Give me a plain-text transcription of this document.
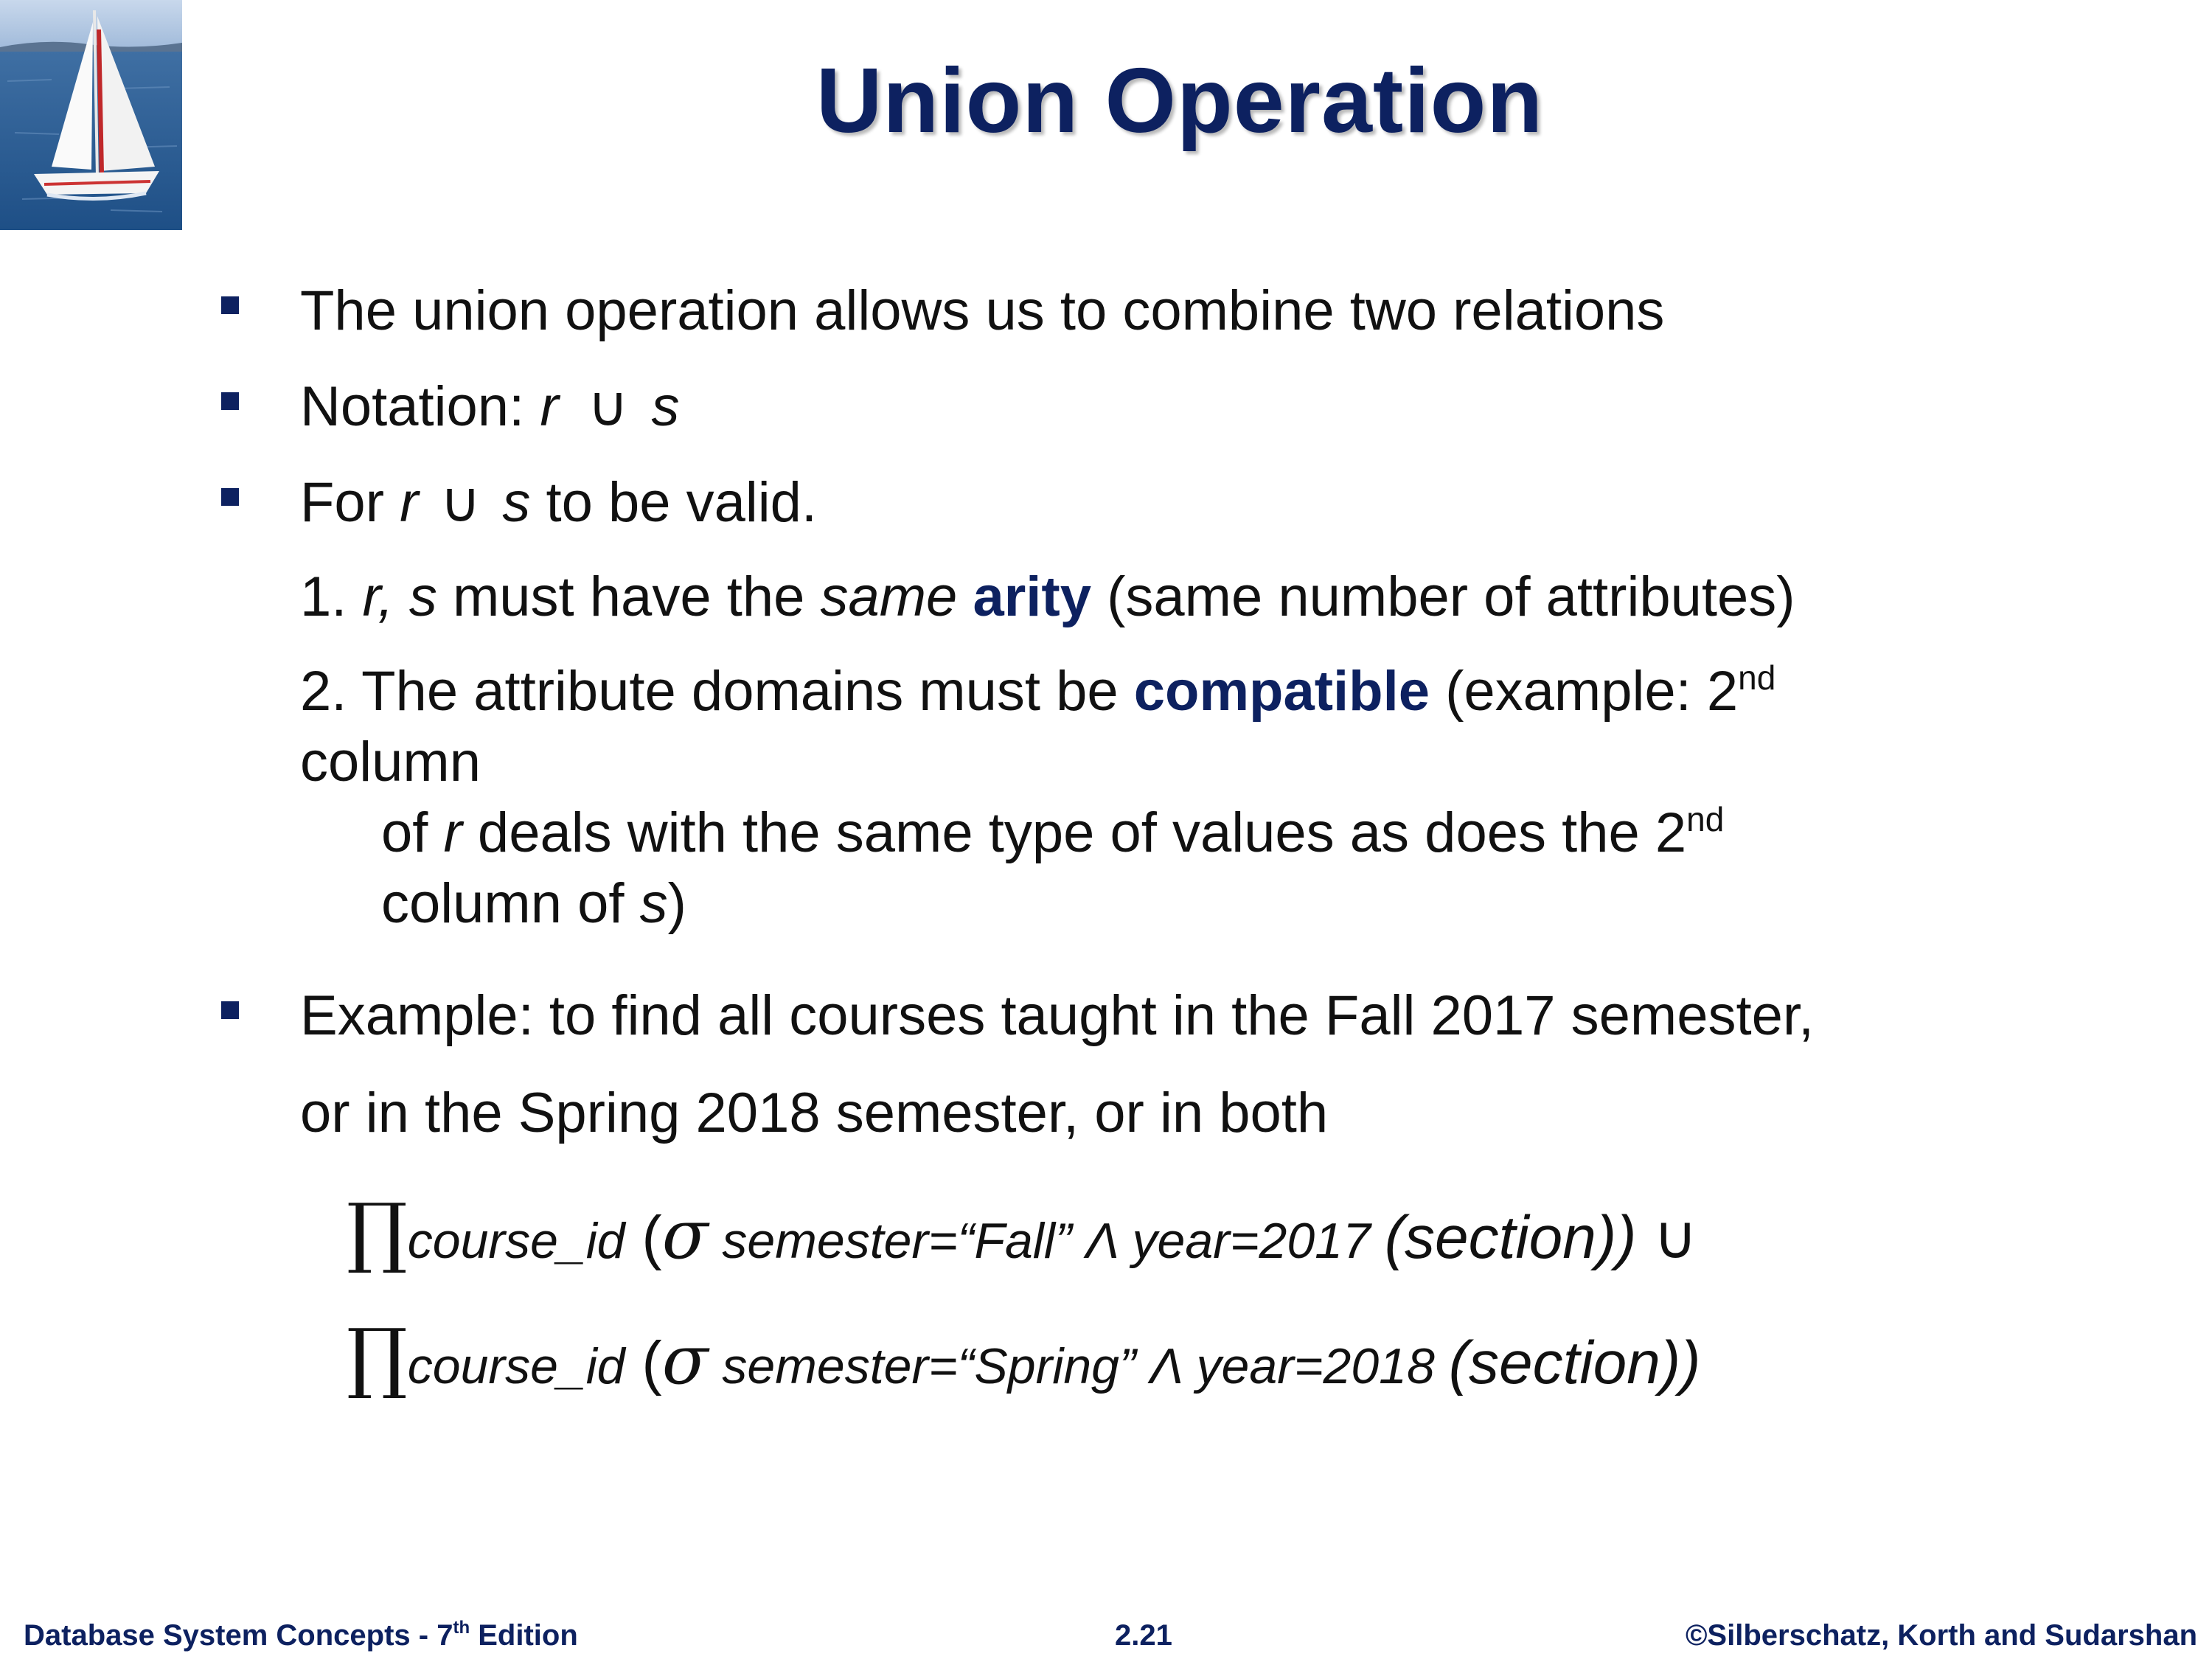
Union Operation
The union operation allows us to combine two relations
Notation: r ∪ s
For r ∪ s to be valid.
1. r, s must have the same arity (same number of attributes)
2. The attribute domains must be compatible (example: 2nd
column
of r deals with the same type of values as does the 2nd
column of s)
Example: to find all courses taught in the Fall 2017 semester,
or in the Spring 2018 semester, or in both
∏course_id (σ semester=“Fall” Λ year=2017 (section)) ∪
∏course_id (σ semester=“Spring” Λ year=2018 (section))
Database System Concepts - 7th Edition	2.21	©Silberschatz, Korth and Sudarshan
